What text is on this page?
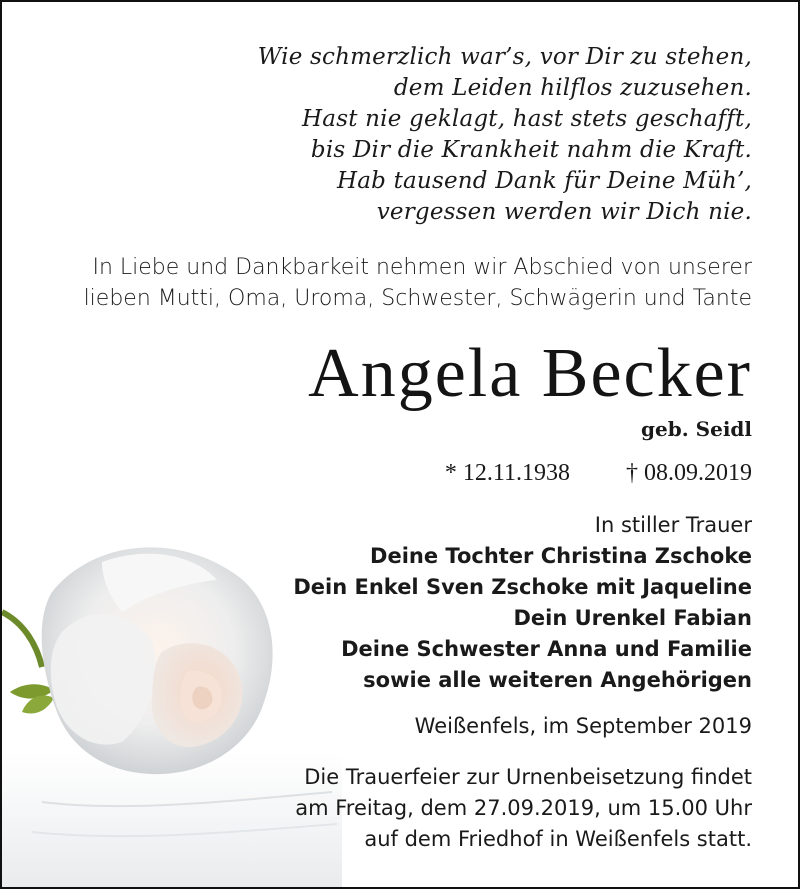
Wie schmerzlich war’s, vor Dir zu stehen,
dem Leiden hilflos zuzusehen.
Hast nie geklagt, hast stets geschafft,
bis Dir die Krankheit nahm die Kraft.
Hab tausend Dank für Deine Müh’,
vergessen werden wir Dich nie.
In Liebe und Dankbarkeit nehmen wir Abschied von unserer
lieben Mutti, Oma, Uroma, Schwester, Schwägerin und Tante
Angela Becker
geb. Seidl
* 12.11.1938 † 08.09.2019
In stiller Trauer
Deine Tochter Christina Zschoke
Dein Enkel Sven Zschoke mit Jaqueline
Dein Urenkel Fabian
Deine Schwester Anna und Familie
sowie alle weiteren Angehörigen
Weißenfels, im September 2019
Die Trauerfeier zur Urnenbeisetzung findet
am Freitag, dem 27.09.2019, um 15.00 Uhr
auf dem Friedhof in Weißenfels statt.
